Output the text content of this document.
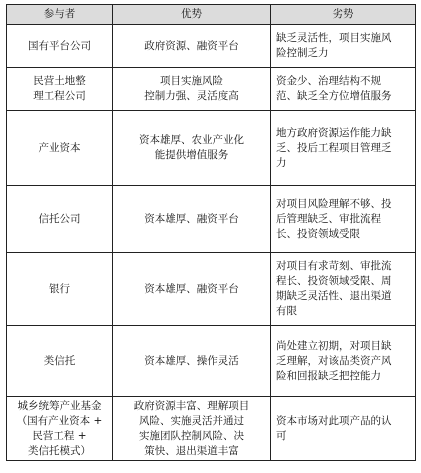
参与者	优势	劣势

国有平台公司	政府资源、融资平台	缺乏灵活性，项目实施风
险控制乏力

民营土地整
理工程公司	项目实施风险
控制力强、灵活度高	资金少、治理结构不规
范、缺乏全方位增值服务

产业资本	资本雄厚、农业产业化
能提供增值服务	地方政府资源运作能力缺
乏、投后工程项目管理乏
力

信托公司	资本雄厚、融资平台	对项目风险理解不够、投
后管理缺乏、审批流程
长、投资领域受限

银行	资本雄厚、融资平台	对项目有求苛刻、审批流
程长、投资领域受限、周
期缺乏灵活性、退出渠道
有限

类信托	资本雄厚、操作灵活	尚处建立初期，对项目缺
乏理解，对该品类资产风
险和回报缺乏把控能力

城乡统筹产业基金
（国有产业资本 +
民营工程 +
类信托模式）	政府资源丰富、理解项目
风险、实施灵活并通过
实施团队控制风险、决
策快、退出渠道丰富	资本市场对此项产品的认
可
